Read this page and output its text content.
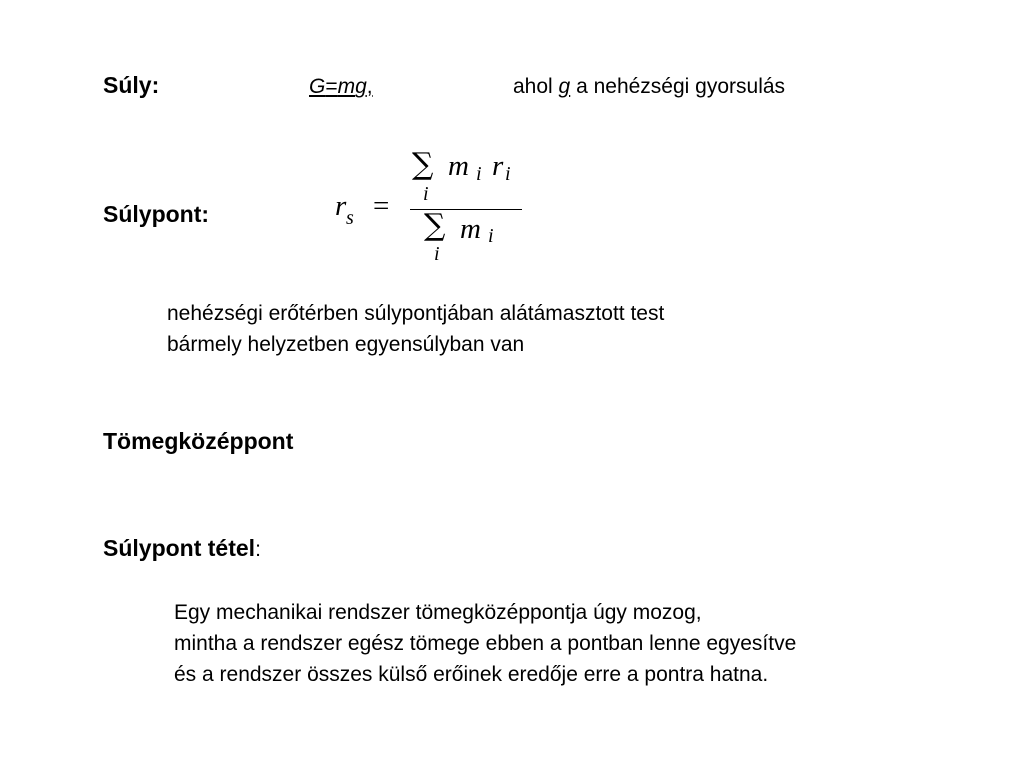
Súly:	G=mg,	ahol g a nehézségi gyorsulás
Súlypont:	r s =
∑
i
m i r i
∑
i
m i
nehézségi erőtérben súlypontjában alátámasztott test
bármely helyzetben egyensúlyban van
Tömegközéppont
Súlypont tétel:
Egy mechanikai rendszer tömegközéppontja úgy mozog,
mintha a rendszer egész tömege ebben a pontban lenne egyesítve
és a rendszer összes külső erőinek eredője erre a pontra hatna.
